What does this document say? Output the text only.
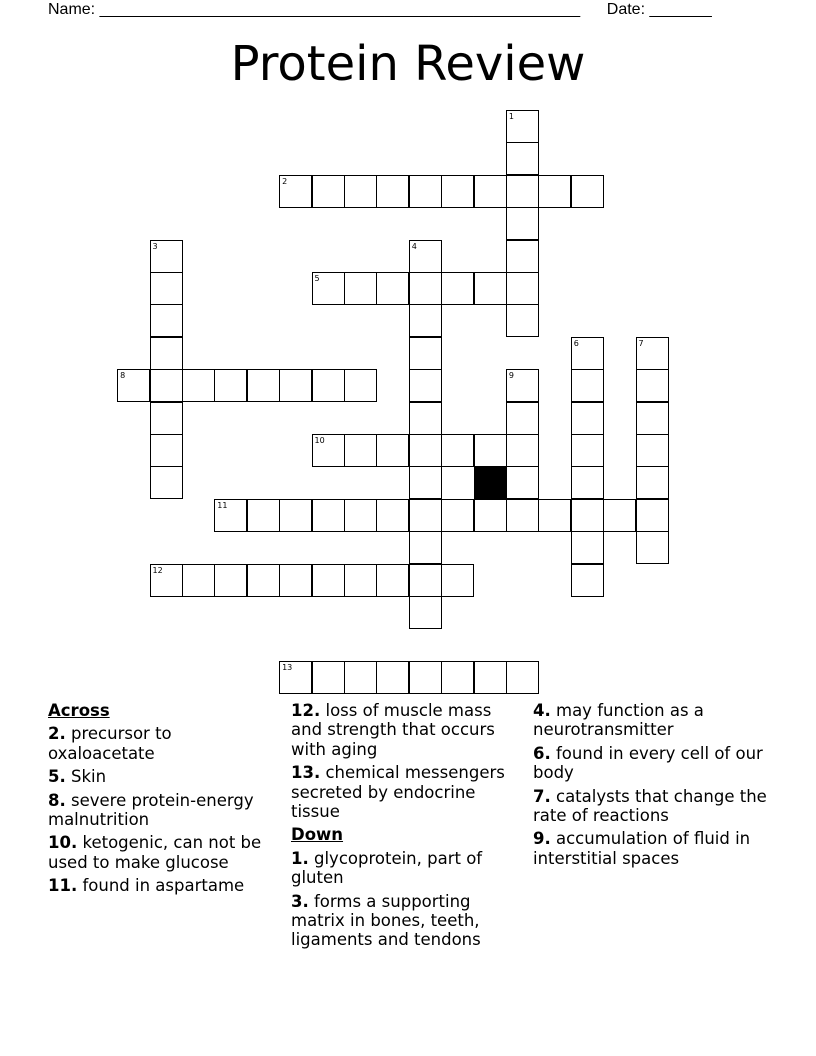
Name: ______________________________________________________ Date: _______
Protein Review
1
2
3	4
5
6	7
8	9
10
11
12
13
Across
2. precursor to oxaloacetate
5. Skin
8. severe protein-energy malnutrition
10. ketogenic, can not be used to make glucose
11. found in aspartame
12. loss of muscle mass and strength that occurs with aging
13. chemical messengers secreted by endocrine tissue
Down
1. glycoprotein, part of gluten
3. forms a supporting matrix in bones, teeth, ligaments and tendons
4. may function as a neurotransmitter
6. found in every cell of our body
7. catalysts that change the rate of reactions
9. accumulation of fluid in interstitial spaces
